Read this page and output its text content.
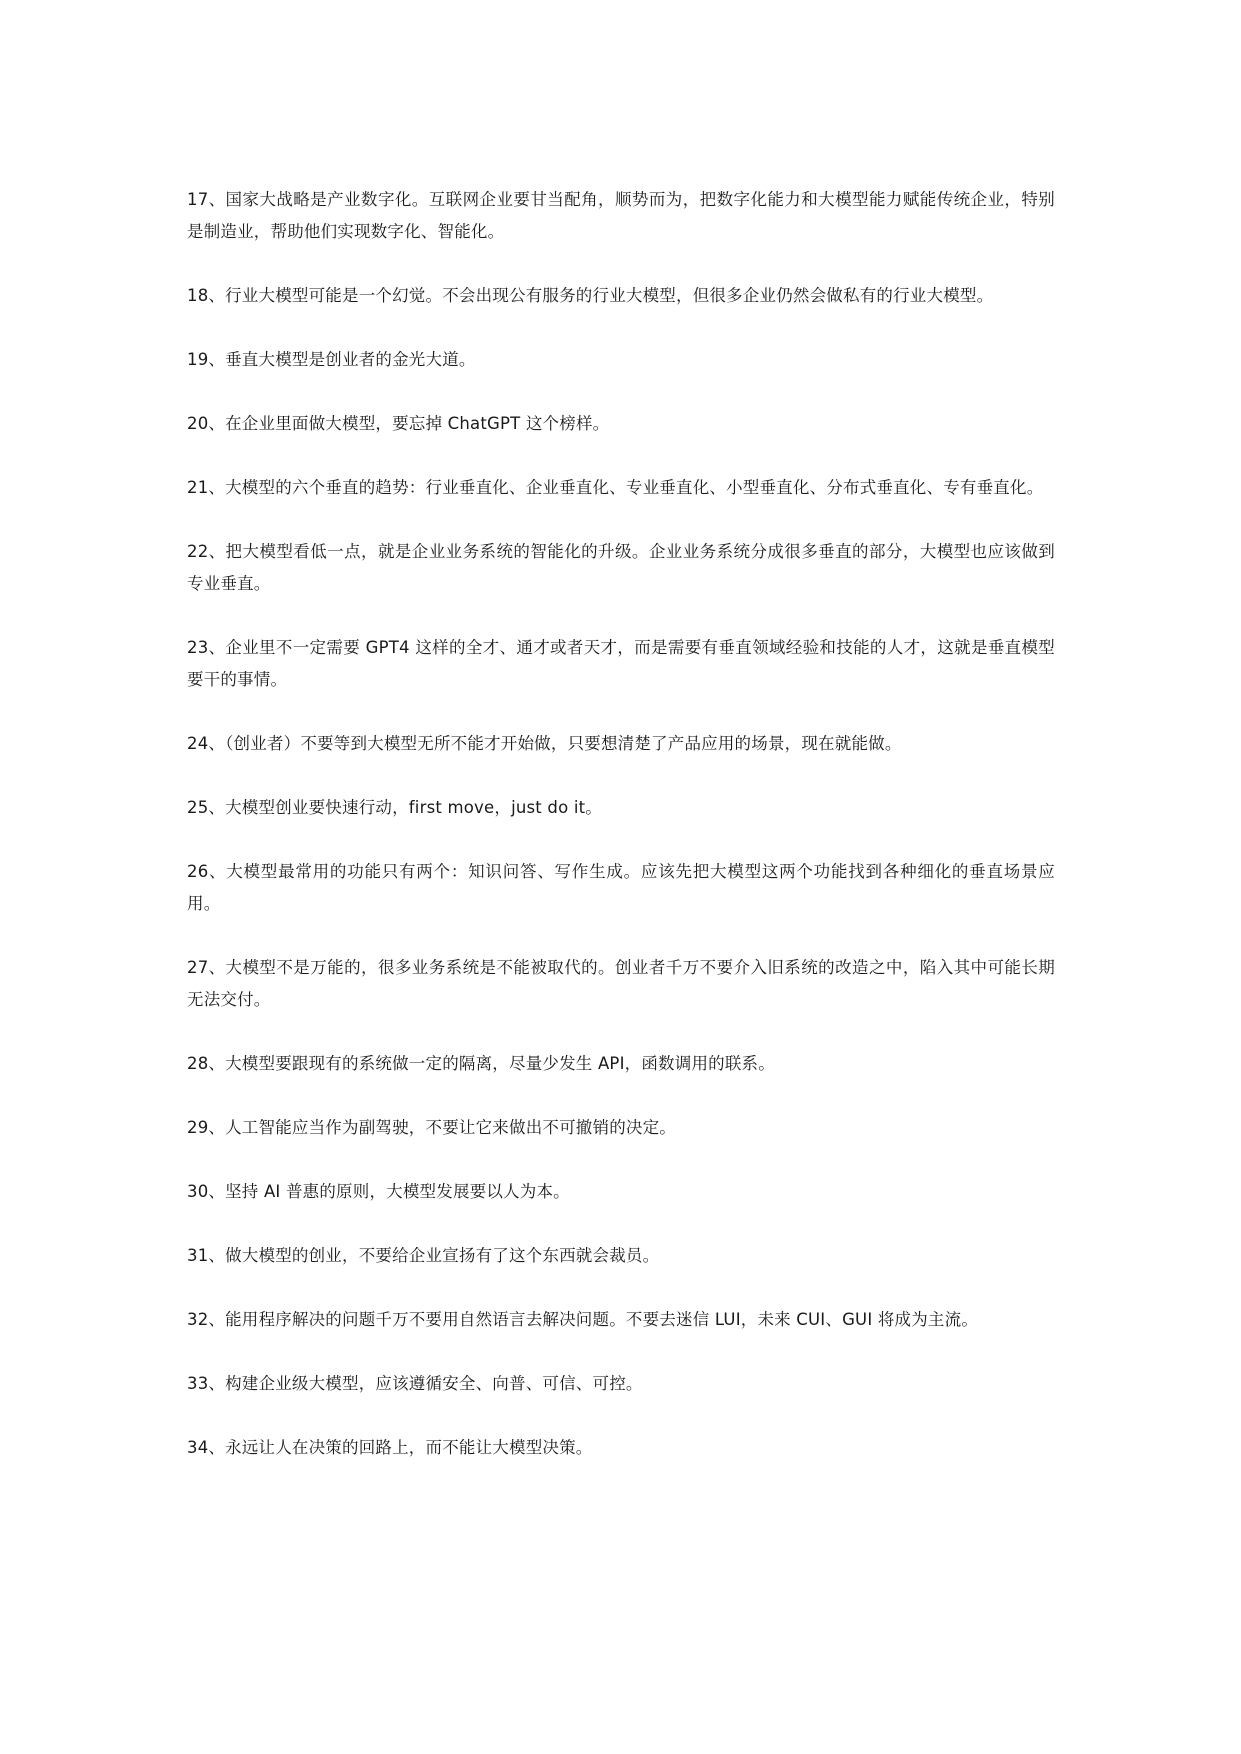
17、国家大战略是产业数字化。互联网企业要甘当配角，顺势而为，把数字化能力和大模型能力赋能传统企业，特别是制造业，帮助他们实现数字化、智能化。

18、行业大模型可能是一个幻觉。不会出现公有服务的行业大模型，但很多企业仍然会做私有的行业大模型。

19、垂直大模型是创业者的金光大道。

20、在企业里面做大模型，要忘掉 ChatGPT 这个榜样。

21、大模型的六个垂直的趋势：行业垂直化、企业垂直化、专业垂直化、小型垂直化、分布式垂直化、专有垂直化。

22、把大模型看低一点，就是企业业务系统的智能化的升级。企业业务系统分成很多垂直的部分，大模型也应该做到专业垂直。

23、企业里不一定需要 GPT4 这样的全才、通才或者天才，而是需要有垂直领域经验和技能的人才，这就是垂直模型要干的事情。

24、（创业者）不要等到大模型无所不能才开始做，只要想清楚了产品应用的场景，现在就能做。

25、大模型创业要快速行动，first move，just do it。

26、大模型最常用的功能只有两个：知识问答、写作生成。应该先把大模型这两个功能找到各种细化的垂直场景应用。

27、大模型不是万能的，很多业务系统是不能被取代的。创业者千万不要介入旧系统的改造之中，陷入其中可能长期无法交付。

28、大模型要跟现有的系统做一定的隔离，尽量少发生 API，函数调用的联系。

29、人工智能应当作为副驾驶，不要让它来做出不可撤销的决定。

30、坚持 AI 普惠的原则，大模型发展要以人为本。

31、做大模型的创业，不要给企业宣扬有了这个东西就会裁员。

32、能用程序解决的问题千万不要用自然语言去解决问题。不要去迷信 LUI，未来 CUI、GUI 将成为主流。

33、构建企业级大模型，应该遵循安全、向普、可信、可控。

34、永远让人在决策的回路上，而不能让大模型决策。
